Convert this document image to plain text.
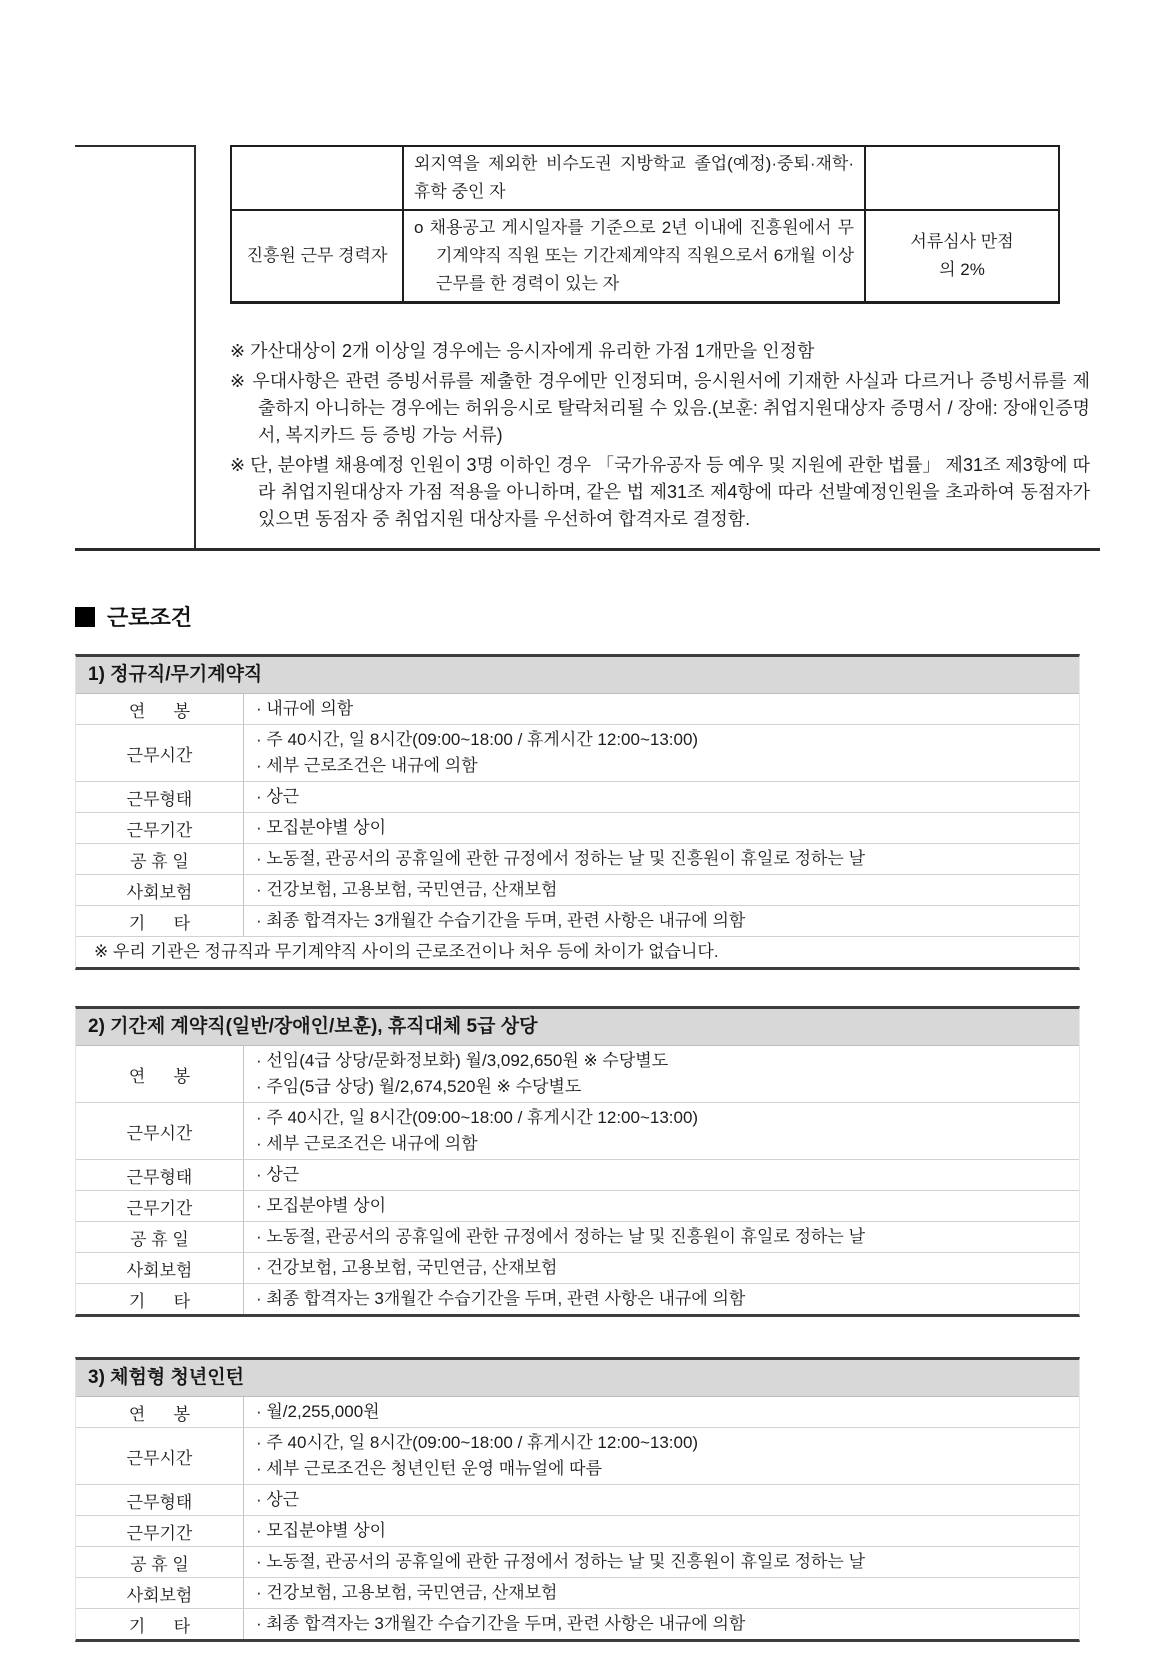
	외지역을 제외한 비수도권 지방학교 졸업(예정)·중퇴·재학·휴학 중인 자	
진흥원 근무 경력자	o 채용공고 게시일자를 기준으로 2년 이내에 진흥원에서 무기계약직 직원 또는 기간제계약직 직원으로서 6개월 이상 근무를 한 경력이 있는 자	서류심사 만점의 2%

※ 가산대상이 2개 이상일 경우에는 응시자에게 유리한 가점 1개만을 인정함

※ 우대사항은 관련 증빙서류를 제출한 경우에만 인정되며, 응시원서에 기재한 사실과 다르거나 증빙서류를 제출하지 아니하는 경우에는 허위응시로 탈락처리될 수 있음.(보훈: 취업지원대상자 증명서 / 장애: 장애인증명서, 복지카드 등 증빙 가능 서류)

※ 단, 분야별 채용예정 인원이 3명 이하인 경우 「국가유공자 등 예우 및 지원에 관한 법률」 제31조 제3항에 따라 취업지원대상자 가점 적용을 아니하며, 같은 법 제31조 제4항에 따라 선발예정인원을 초과하여 동점자가 있으면 동점자 중 취업지원 대상자를 우선하여 합격자로 결정함.

근로조건
1) 정규직/무기계약직
연      봉	· 내규에 의함
근무시간
· 주 40시간, 일 8시간(09:00~18:00 / 휴게시간 12:00~13:00)
· 세부 근로조건은 내규에 의함
근무형태	· 상근
근무기간	· 모집분야별 상이
공 휴 일	· 노동절, 관공서의 공휴일에 관한 규정에서 정하는 날 및 진흥원이 휴일로 정하는 날
사회보험	· 건강보험, 고용보험, 국민연금, 산재보험
기      타	· 최종 합격자는 3개월간 수습기간을 두며, 관련 사항은 내규에 의함
※ 우리 기관은 정규직과 무기계약직 사이의 근로조건이나 처우 등에 차이가 없습니다.
2) 기간제 계약직(일반/장애인/보훈), 휴직대체 5급 상당
연      봉
· 선임(4급 상당/문화정보화) 월/3,092,650원 ※ 수당별도
· 주임(5급 상당) 월/2,674,520원 ※ 수당별도
근무시간
· 주 40시간, 일 8시간(09:00~18:00 / 휴게시간 12:00~13:00)
· 세부 근로조건은 내규에 의함
근무형태	· 상근
근무기간	· 모집분야별 상이
공 휴 일	· 노동절, 관공서의 공휴일에 관한 규정에서 정하는 날 및 진흥원이 휴일로 정하는 날
사회보험	· 건강보험, 고용보험, 국민연금, 산재보험
기      타	· 최종 합격자는 3개월간 수습기간을 두며, 관련 사항은 내규에 의함
3) 체험형 청년인턴
연      봉	· 월/2,255,000원
근무시간
· 주 40시간, 일 8시간(09:00~18:00 / 휴게시간 12:00~13:00)
· 세부 근로조건은 청년인턴 운영 매뉴얼에 따름
근무형태	· 상근
근무기간	· 모집분야별 상이
공 휴 일	· 노동절, 관공서의 공휴일에 관한 규정에서 정하는 날 및 진흥원이 휴일로 정하는 날
사회보험	· 건강보험, 고용보험, 국민연금, 산재보험
기      타	· 최종 합격자는 3개월간 수습기간을 두며, 관련 사항은 내규에 의함
